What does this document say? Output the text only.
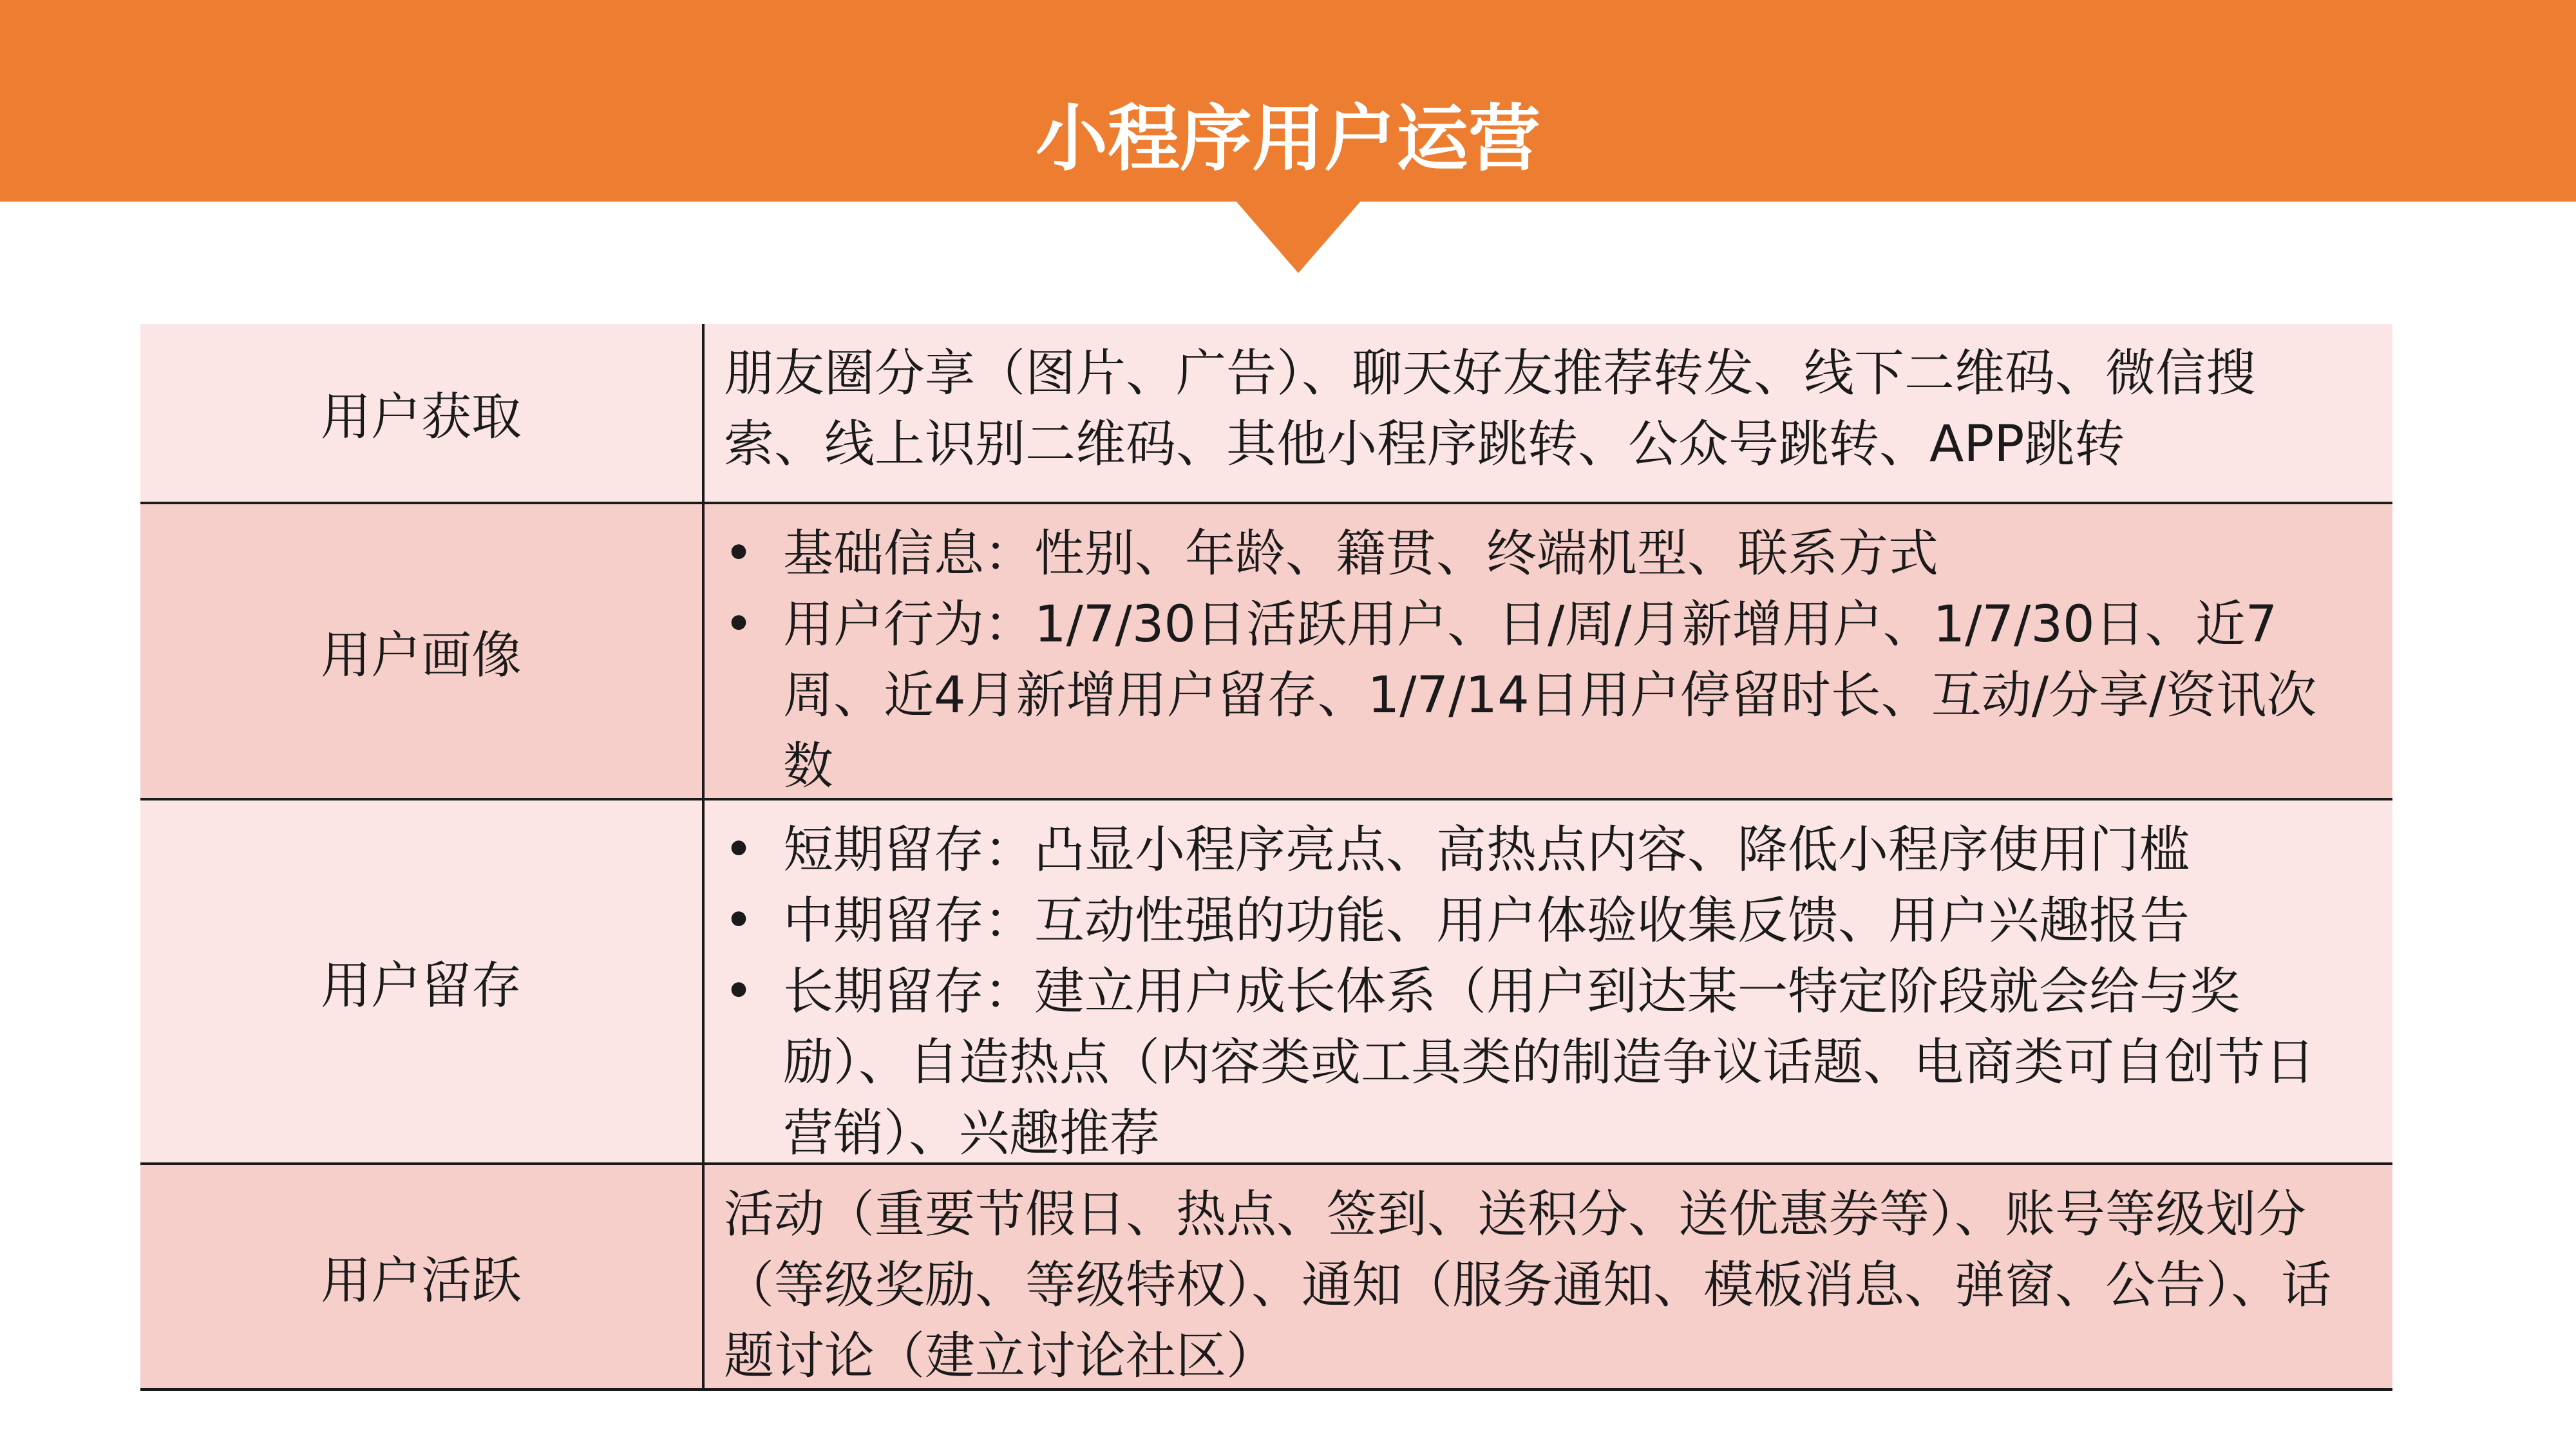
小程序用户运营
用户获取
朋友圈分享（图片、广告）、聊天好友推荐转发、线下二维码、微信搜索、线上识别二维码、其他小程序跳转、公众号跳转、APP跳转
用户画像
• 基础信息：性别、年龄、籍贯、终端机型、联系方式
• 用户行为：1/7/30日活跃用户、日/周/月新增用户、1/7/30日、近7周、近4月新增用户留存、1/7/14日用户停留时长、互动/分享/资讯次数
用户留存
• 短期留存：凸显小程序亮点、高热点内容、降低小程序使用门槛
• 中期留存：互动性强的功能、用户体验收集反馈、用户兴趣报告
• 长期留存：建立用户成长体系（用户到达某一特定阶段就会给与奖励）、自造热点（内容类或工具类的制造争议话题、电商类可自创节日营销）、兴趣推荐
用户活跃
活动（重要节假日、热点、签到、送积分、送优惠券等）、账号等级划分（等级奖励、等级特权）、通知（服务通知、模板消息、弹窗、公告）、话题讨论（建立讨论社区）
